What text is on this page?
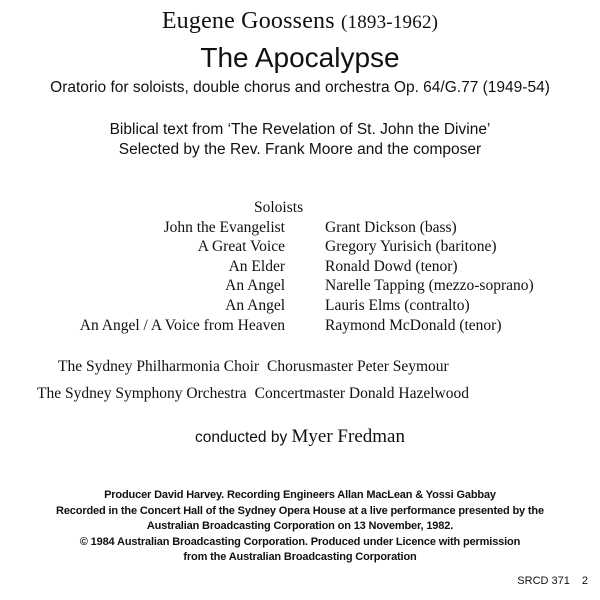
Eugene Goossens (1893-1962)
The Apocalypse
Oratorio for soloists, double chorus and orchestra Op. 64/G.77 (1949-54)
Biblical text from ‘The Revelation of St. John the Divine’
Selected by the Rev. Frank Moore and the composer
Soloists
John the Evangelist	Grant Dickson (bass)
A Great Voice	Gregory Yurisich (baritone)
An Elder	Ronald Dowd (tenor)
An Angel	Narelle Tapping (mezzo-soprano)
An Angel	Lauris Elms (contralto)
An Angel / A Voice from Heaven	Raymond McDonald (tenor)
The Sydney Philharmonia Choir Chorusmaster Peter Seymour
The Sydney Symphony Orchestra Concertmaster Donald Hazelwood
conducted by Myer Fredman
Producer David Harvey. Recording Engineers Allan MacLean & Yossi Gabbay
Recorded in the Concert Hall of the Sydney Opera House at a live performance presented by the
Australian Broadcasting Corporation on 13 November, 1982.
© 1984 Australian Broadcasting Corporation. Produced under Licence with permission
from the Australian Broadcasting Corporation
SRCD 371 2
